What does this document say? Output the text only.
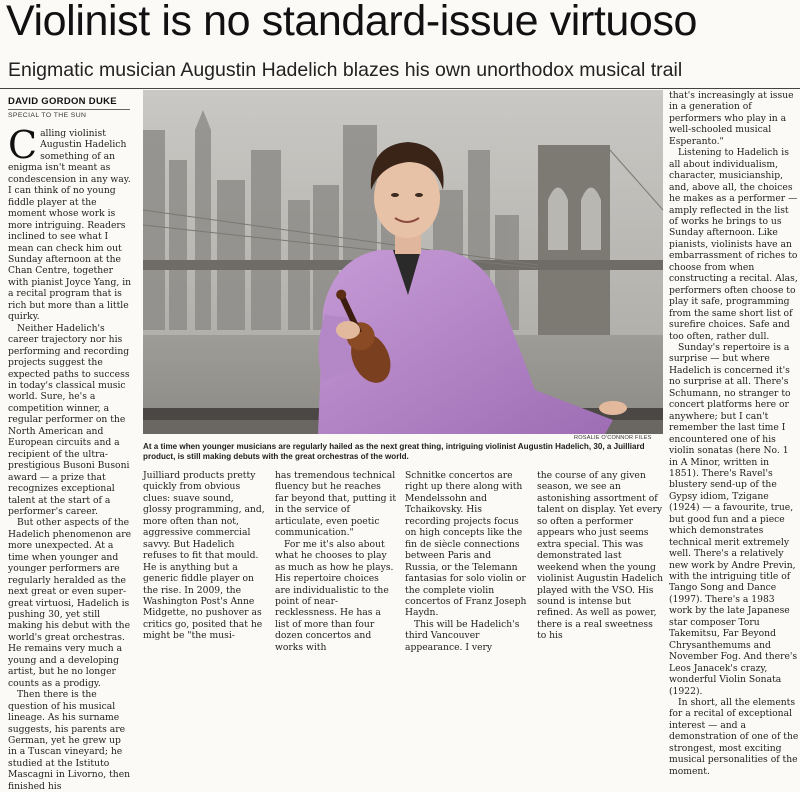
Violinist is no standard-issue virtuoso
Enigmatic musician Augustin Hadelich blazes his own unorthodox musical trail
DAVID GORDON DUKE
SPECIAL TO THE SUN

Calling violinist Augustin Hadelich something of an enigma isn't meant as condescension in any way. I can think of no young fiddle player at the moment whose work is more intriguing. Readers inclined to see what I mean can check him out Sunday afternoon at the Chan Centre, together with pianist Joyce Yang, in a recital program that is rich but more than a little quirky.

Neither Hadelich's career trajectory nor his performing and recording projects suggest the expected paths to success in today's classical music world. Sure, he's a competition winner, a regular performer on the North American and European circuits and a recipient of the ultra-prestigious Busoni Busoni award — a prize that recognizes exceptional talent at the start of a performer's career.

But other aspects of the Hadelich phenomenon are more unexpected. At a time when younger and younger performers are regularly heralded as the next great or even super-great virtuosi, Hadelich is pushing 30, yet still making his debut with the world's great orchestras. He remains very much a young and a developing artist, but he no longer counts as a prodigy.

Then there is the question of his musical lineage. As his surname suggests, his parents are German, yet he grew up in a Tuscan vineyard; he studied at the Istituto Mascagni in Livorno, then finished his

ROSALIE O'CONNOR FILES
At a time when younger musicians are regularly hailed as the next great thing, intriguing violinist Augustin Hadelich, 30, a Juilliard product, is still making debuts with the great orchestras of the world.

Juilliard products pretty quickly from obvious clues: suave sound, glossy programming, and, more often than not, aggressive commercial savvy. But Hadelich refuses to fit that mould. He is anything but a generic fiddle player on the rise. In 2009, the Washington Post's Anne Midgette, no pushover as critics go, posited that he might be "the musi-

has tremendous technical fluency but he reaches far beyond that, putting it in the service of articulate, even poetic communication."

For me it's also about what he chooses to play as much as how he plays. His repertoire choices are individualistic to the point of near-recklessness. He has a list of more than four dozen concertos and works with

Schnitke concertos are right up there along with Mendelssohn and Tchaikovsky. His recording projects focus on high concepts like the fin de siècle connections between Paris and Russia, or the Telemann fantasias for solo violin or the complete violin concertos of Franz Joseph Haydn.

This will be Hadelich's third Vancouver appearance. I very

the course of any given season, we see an astonishing assortment of talent on display. Yet every so often a performer appears who just seems extra special. This was demonstrated last weekend when the young violinist Augustin Hadelich played with the VSO. His sound is intense but refined. As well as power, there is a real sweetness to his

that's increasingly at issue in a generation of performers who play in a well-schooled musical Esperanto."

Listening to Hadelich is all about individualism, character, musicianship, and, above all, the choices he makes as a performer — amply reflected in the list of works he brings to us Sunday afternoon. Like pianists, violinists have an embarrassment of riches to choose from when constructing a recital. Alas, performers often choose to play it safe, programming from the same short list of surefire choices. Safe and too often, rather dull.

Sunday's repertoire is a surprise — but where Hadelich is concerned it's no surprise at all. There's Schumann, no stranger to concert platforms here or anywhere; but I can't remember the last time I encountered one of his violin sonatas (here No. 1 in A Minor, written in 1851). There's Ravel's blustery send-up of the Gypsy idiom, Tzigane (1924) — a favourite, true, but good fun and a piece which demonstrates technical merit extremely well. There's a relatively new work by Andre Previn, with the intriguing title of Tango Song and Dance (1997). There's a 1983 work by the late Japanese star composer Toru Takemitsu, Far Beyond Chrysanthemums and November Fog. And there's Leos Janacek's crazy, wonderful Violin Sonata (1922).

In short, all the elements for a recital of exceptional interest — and a demonstration of one of the strongest, most exciting musical personalities of the moment.
